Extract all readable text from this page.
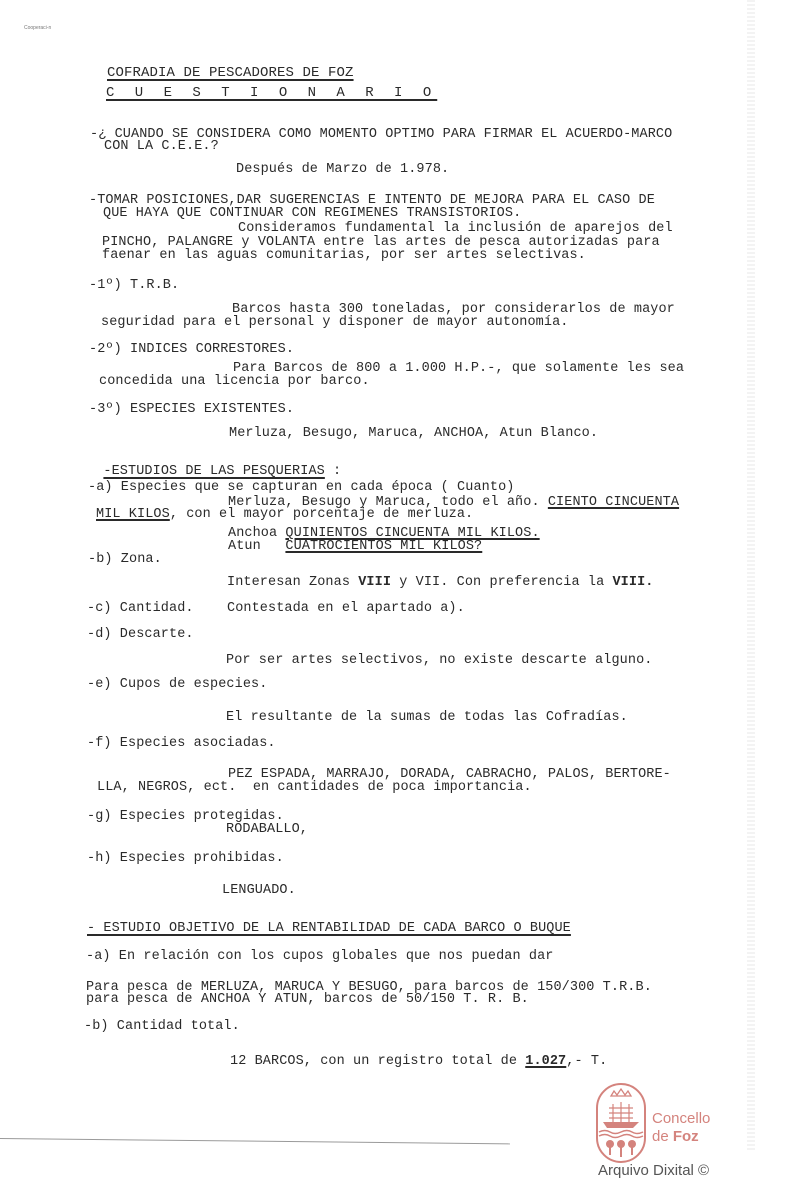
Cooperaci-n
COFRADIA DE PESCADORES DE FOZ
C U E S T I O N A R I O
-¿ CUANDO SE CONSIDERA COMO MOMENTO OPTIMO PARA FIRMAR EL ACUERDO-MARCO
CON LA C.E.E.?
Después de Marzo de 1.978.
-TOMAR POSICIONES,DAR SUGERENCIAS E INTENTO DE MEJORA PARA EL CASO DE
QUE HAYA QUE CONTINUAR CON REGIMENES TRANSISTORIOS.
Consideramos fundamental la inclusión de aparejos del
PINCHO, PALANGRE y VOLANTA entre las artes de pesca autorizadas para
faenar en las aguas comunitarias, por ser artes selectivas.
-1º) T.R.B.
Barcos hasta 300 toneladas, por considerarlos de mayor
seguridad para el personal y disponer de mayor autonomía.
-2º) INDICES CORRESTORES.
Para Barcos de 800 a 1.000 H.P.-, que solamente les sea
concedida una licencia por barco.
-3º) ESPECIES EXISTENTES.
Merluza, Besugo, Maruca, ANCHOA, Atun Blanco.

-ESTUDIOS DE LAS PESQUERIAS :

-a) Especies que se capturan en cada época ( Cuanto)
Merluza, Besugo y Maruca, todo el año. CIENTO CINCUENTA
MIL KILOS, con el mayor porcentaje de merluza.
Anchoa QUINIENTOS CINCUENTA MIL KILOS.
Atun   CUATROCIENTOS MIL KILOS?
-b) Zona.
Interesan Zonas VIII y VII. Con preferencia la VIII.
-c) Cantidad. Contestada en el apartado a).
-d) Descarte.
Por ser artes selectivos, no existe descarte alguno.
-e) Cupos de especies.
El resultante de la sumas de todas las Cofradías.
-f) Especies asociadas.
PEZ ESPADA, MARRAJO, DORADA, CABRACHO, PALOS, BERTORE-
LLA, NEGROS, ect.  en cantidades de poca importancia.
-g) Especies protegidas.
RODABALLO,
-h) Especies prohibidas.
LENGUADO.
- ESTUDIO OBJETIVO DE LA RENTABILIDAD DE CADA BARCO O BUQUE
-a) En relación con los cupos globales que nos puedan dar
Para pesca de MERLUZA, MARUCA Y BESUGO, para barcos de 150/300 T.R.B.
para pesca de ANCHOA Y ATUN, barcos de 50/150 T. R. B.
-b) Cantidad total.
12 BARCOS, con un registro total de 1.027,- T.
Concello
de Foz
Arquivo Dixital ©
